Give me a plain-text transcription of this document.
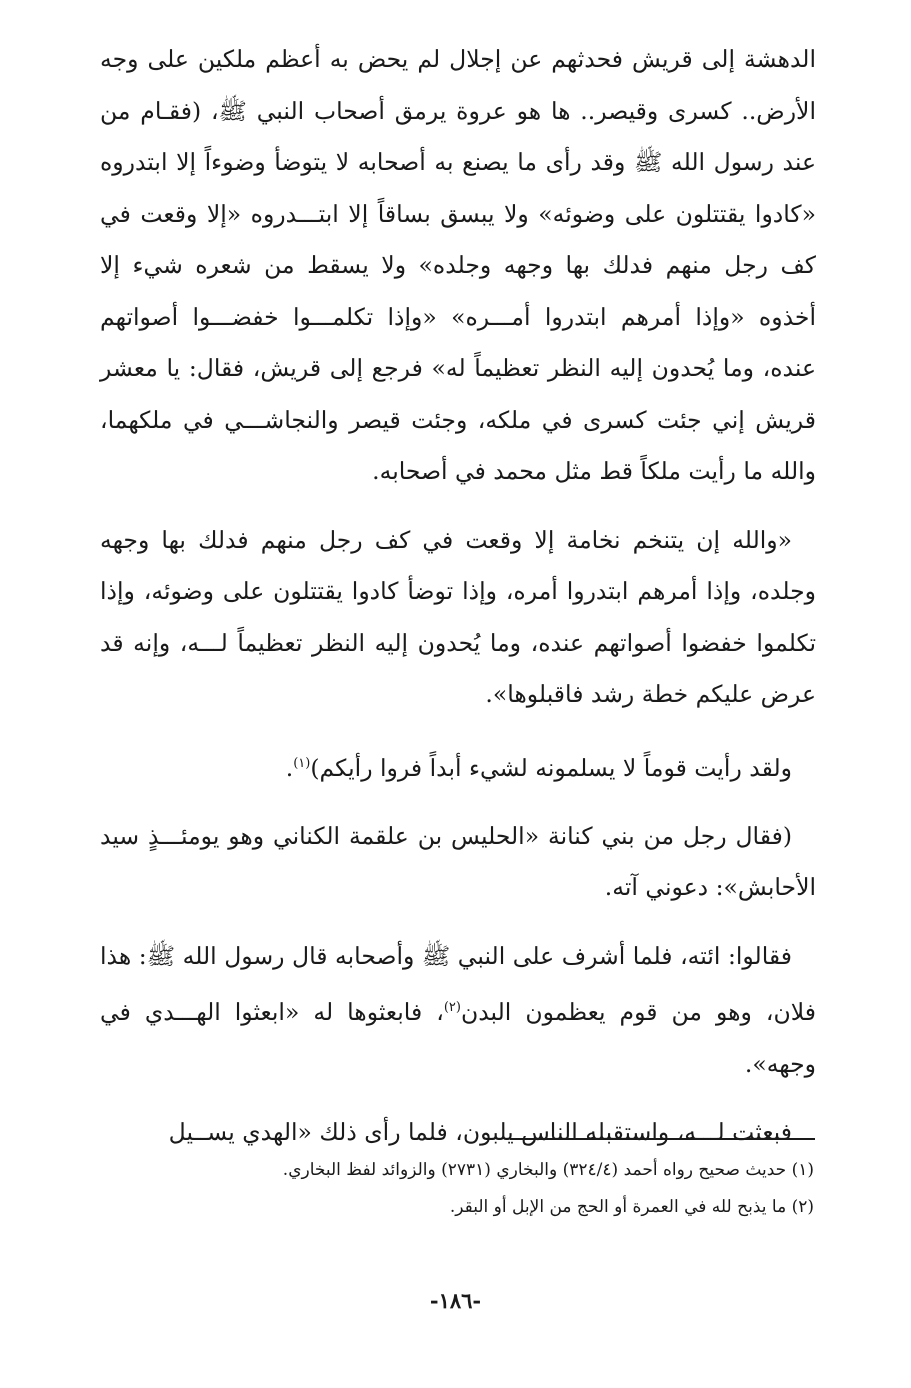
الدهشة إلى قريش فحدثهم عن إجلال لم يحض به أعظم ملكين على وجه الأرض.. كسرى وقيصر.. ها هو عروة يرمق أصحاب النبي ﷺ، (فقـام من عند رسول الله ﷺ وقد رأى ما يصنع به أصحابه لا يتوضأ وضوءاً إلا ابتدروه «كادوا يقتتلون على وضوئه» ولا يبسق بساقاً إلا ابتـــدروه «إلا وقعت في كف رجل منهم فدلك بها وجهه وجلده» ولا يسقط من شعره شيء إلا أخذوه «وإذا أمرهم ابتدروا أمـــره» «وإذا تكلمـــوا خفضـــوا أصواتهم عنده، وما يُحدون إليه النظر تعظيماً له» فرجع إلى قريش، فقال: يا معشر قريش إني جئت كسرى في ملكه، وجئت قيصر والنجاشـــي في ملكهما، والله ما رأيت ملكاً قط مثل محمد في أصحابه.

«والله إن يتنخم نخامة إلا وقعت في كف رجل منهم فدلك بها وجهه وجلده، وإذا أمرهم ابتدروا أمره، وإذا توضأ كادوا يقتتلون على وضوئه، وإذا تكلموا خفضوا أصواتهم عنده، وما يُحدون إليه النظر تعظيماً لـــه، وإنه قد عرض عليكم خطة رشد فاقبلوها».

ولقد رأيت قوماً لا يسلمونه لشيء أبداً فروا رأيكم)$^{(١)}$.

(فقال رجل من بني كنانة «الحليس بن علقمة الكناني وهو يومئـــذٍ سيد الأحابش»: دعوني آته.

فقالوا: ائته، فلما أشرف على النبي ﷺ وأصحابه قال رسول الله ﷺ: هذا فلان، وهو من قوم يعظمون البدن$^{(٢)}$، فابعثوها له «ابعثوا الهـــدي في وجهه».

فبعثت لـــه، واستقبله الناس يلبون، فلما رأى ذلك «الهدي يســيل

(١) حديث صحيح رواه أحمد (٣٢٤/٤) والبخاري (٢٧٣١) والزوائد لفظ البخاري.

(٢) ما يذبح لله في العمرة أو الحج من الإبل أو البقر.

-١٨٦-
